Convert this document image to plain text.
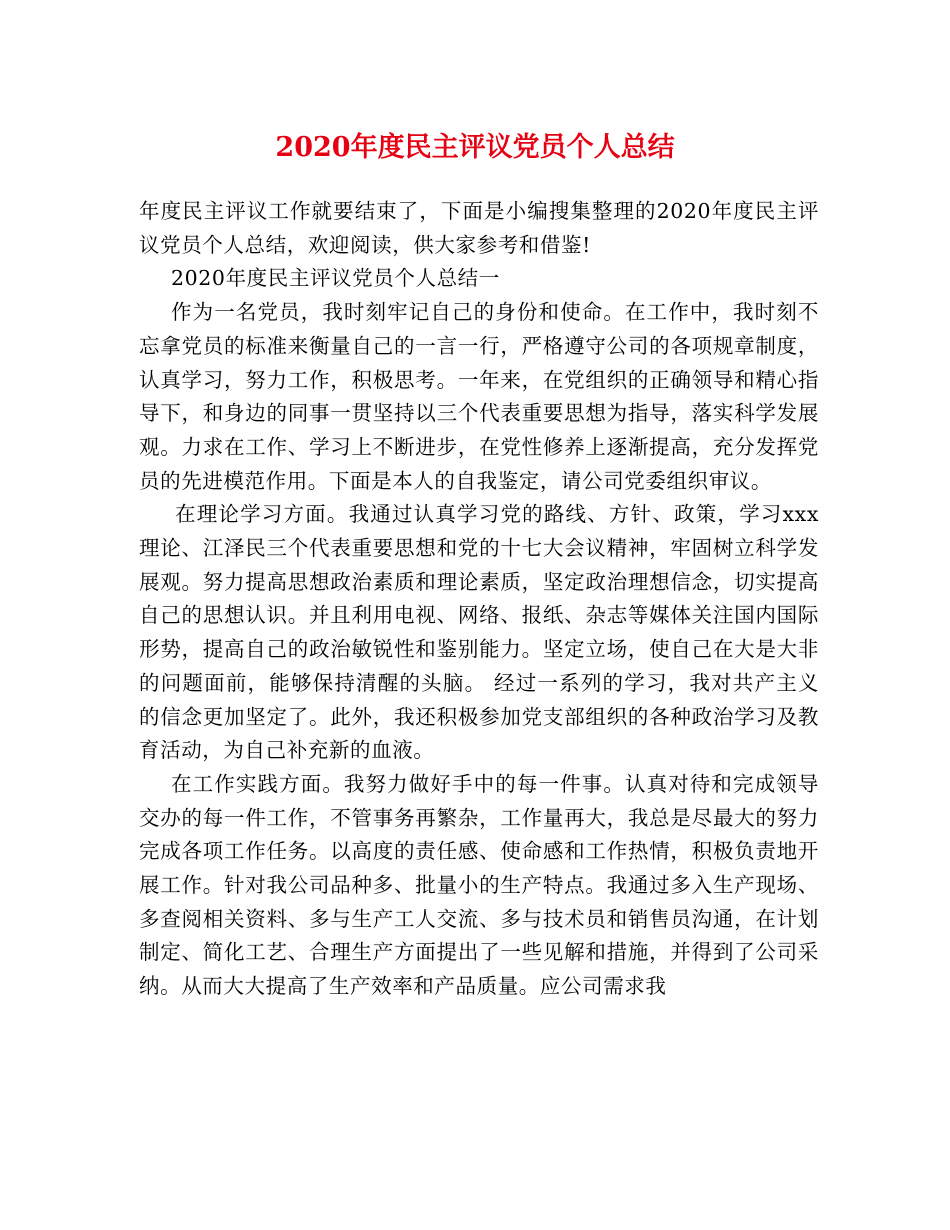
2020年度民主评议党员个人总结

年度民主评议工作就要结束了，下面是小编搜集整理的2020年度民主评议党员个人总结，欢迎阅读，供大家参考和借鉴!

2020年度民主评议党员个人总结一

作为一名党员，我时刻牢记自己的身份和使命。在工作中，我时刻不忘拿党员的标准来衡量自己的一言一行，严格遵守公司的各项规章制度，认真学习，努力工作，积极思考。一年来，在党组织的正确领导和精心指导下，和身边的同事一贯坚持以三个代表重要思想为指导，落实科学发展观。力求在工作、学习上不断进步，在党性修养上逐渐提高，充分发挥党员的先进模范作用。下面是本人的自我鉴定，请公司党委组织审议。

在理论学习方面。我通过认真学习党的路线、方针、政策，学习xxx理论、江泽民三个代表重要思想和党的十七大会议精神，牢固树立科学发展观。努力提高思想政治素质和理论素质，坚定政治理想信念，切实提高自己的思想认识。并且利用电视、网络、报纸、杂志等媒体关注国内国际形势，提高自己的政治敏锐性和鉴别能力。坚定立场，使自己在大是大非的问题面前，能够保持清醒的头脑。 经过一系列的学习，我对共产主义的信念更加坚定了。此外，我还积极参加党支部组织的各种政治学习及教育活动，为自己补充新的血液。

在工作实践方面。我努力做好手中的每一件事。认真对待和完成领导交办的每一件工作，不管事务再繁杂，工作量再大，我总是尽最大的努力完成各项工作任务。以高度的责任感、使命感和工作热情，积极负责地开展工作。针对我公司品种多、批量小的生产特点。我通过多入生产现场、多查阅相关资料、多与生产工人交流、多与技术员和销售员沟通，在计划制定、简化工艺、合理生产方面提出了一些见解和措施，并得到了公司采纳。从而大大提高了生产效率和产品质量。应公司需求我
